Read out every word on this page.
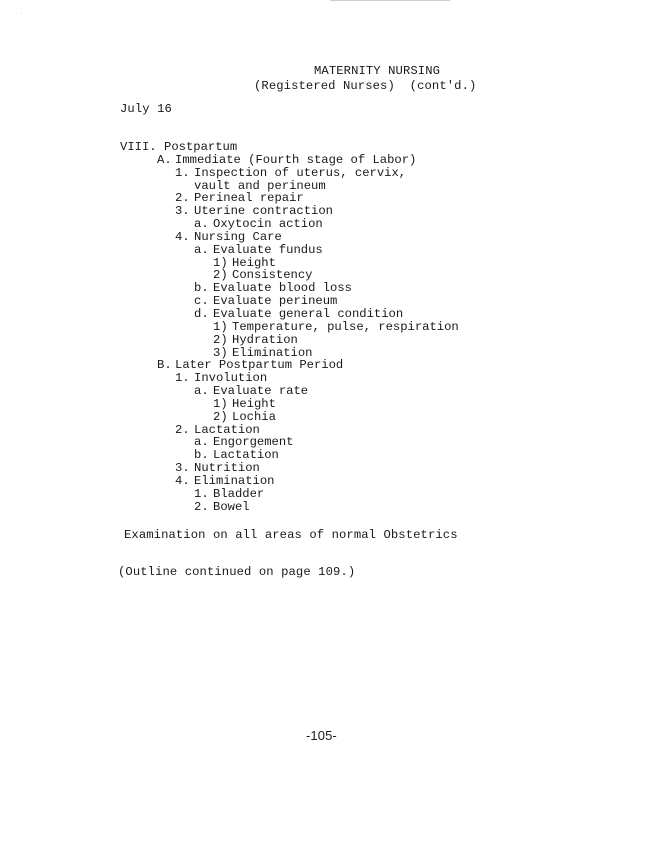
MATERNITY NURSING
(Registered Nurses)  (cont'd.)
July 16
VIII. Postpartum
A. Immediate (Fourth stage of Labor)
1. Inspection of uterus, cervix,
vault and perineum
2. Perineal repair
3. Uterine contraction
a. Oxytocin action
4. Nursing Care
a. Evaluate fundus
1) Height
2) Consistency
b. Evaluate blood loss
c. Evaluate perineum
d. Evaluate general condition
1) Temperature, pulse, respiration
2) Hydration
3) Elimination
B. Later Postpartum Period
1. Involution
a. Evaluate rate
1) Height
2) Lochia
2. Lactation
a. Engorgement
b. Lactation
3. Nutrition
4. Elimination
1. Bladder
2. Bowel
Examination on all areas of normal Obstetrics
(Outline continued on page 109.)
-105-
